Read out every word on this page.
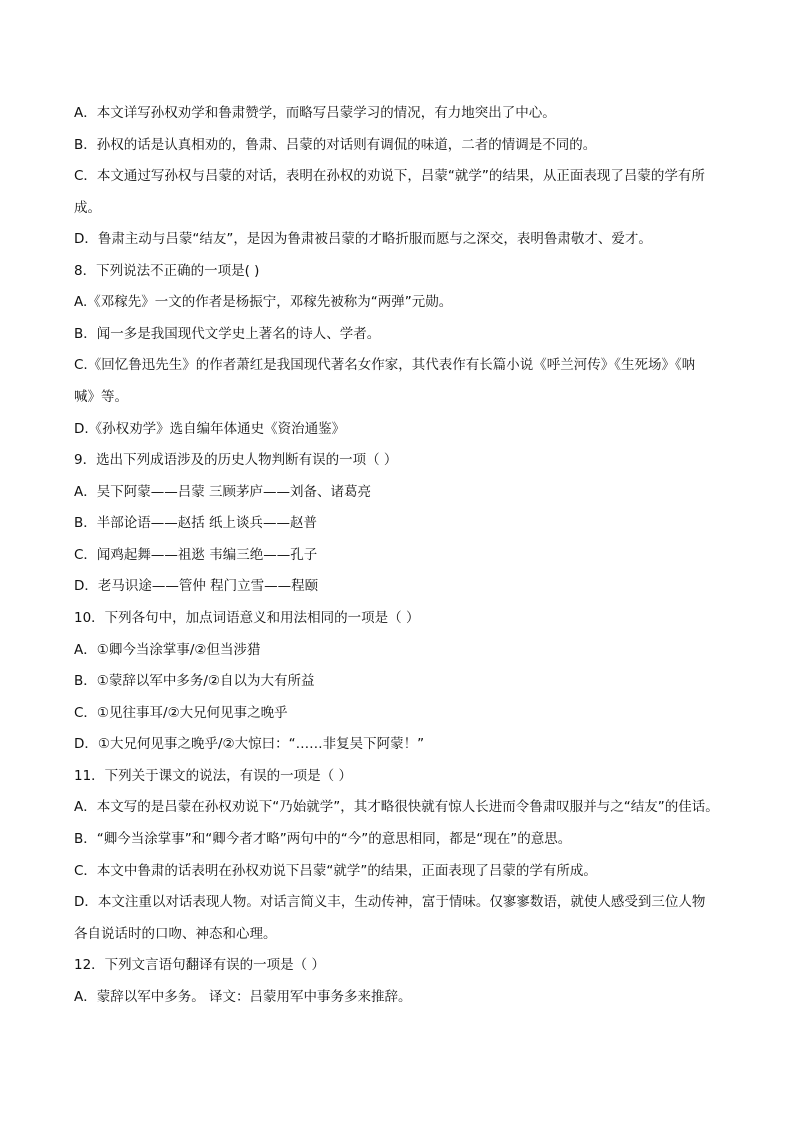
A．本文详写孙权劝学和鲁肃赞学，而略写吕蒙学习的情况，有力地突出了中心。
B．孙权的话是认真相劝的，鲁肃、吕蒙的对话则有调侃的味道，二者的情调是不同的。
C．本文通过写孙权与吕蒙的对话，表明在孙权的劝说下，吕蒙“就学”的结果，从正面表现了吕蒙的学有所
成。
D．鲁肃主动与吕蒙“结友”，是因为鲁肃被吕蒙的才略折服而愿与之深交，表明鲁肃敬才、爱才。
8．下列说法不正确的一项是( )
A.《邓稼先》一文的作者是杨振宁，邓稼先被称为“两弹”元勋。
B．闻一多是我国现代文学史上著名的诗人、学者。
C.《回忆鲁迅先生》的作者萧红是我国现代著名女作家，其代表作有长篇小说《呼兰河传》《生死场》《呐
喊》等。
D.《孙权劝学》选自编年体通史《资治通鉴》
9．选出下列成语涉及的历史人物判断有误的一项（ ）
A．吴下阿蒙——吕蒙 三顾茅庐——刘备、诸葛亮
B．半部论语——赵括 纸上谈兵——赵普
C．闻鸡起舞——祖逖 韦编三绝——孔子
D．老马识途——管仲 程门立雪——程颐
10．下列各句中，加点词语意义和用法相同的一项是（ ）
A．①卿今当涂掌事/②但当涉猎
B．①蒙辞以军中多务/②自以为大有所益
C．①见往事耳/②大兄何见事之晚乎
D．①大兄何见事之晚乎/②大惊曰：“……非复吴下阿蒙！”
11．下列关于课文的说法，有误的一项是（ ）
A．本文写的是吕蒙在孙权劝说下“乃始就学”，其才略很快就有惊人长进而令鲁肃叹服并与之“结友”的佳话。
B．“卿今当涂掌事”和“卿今者才略”两句中的“今”的意思相同，都是“现在”的意思。
C．本文中鲁肃的话表明在孙权劝说下吕蒙“就学”的结果，正面表现了吕蒙的学有所成。
D．本文注重以对话表现人物。对话言简义丰，生动传神，富于情味。仅寥寥数语，就使人感受到三位人物
各自说话时的口吻、神态和心理。
12．下列文言语句翻译有误的一项是（ ）
A．蒙辞以军中多务。 译文：吕蒙用军中事务多来推辞。
